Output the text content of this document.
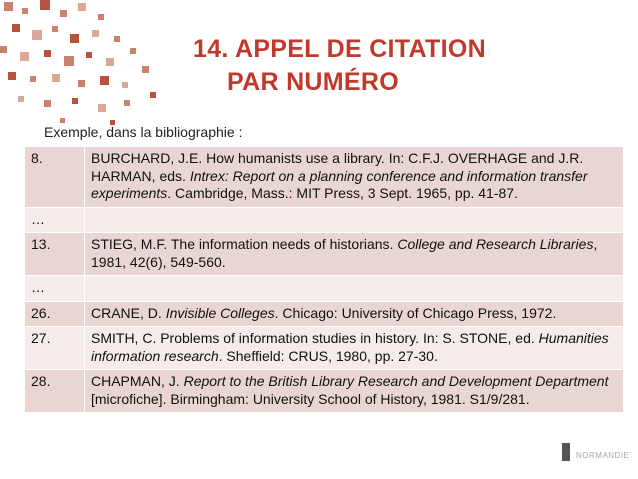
14. APPEL DE CITATION
PAR NUMÉRO
Exemple, dans la bibliographie :
8.	BURCHARD, J.E. How humanists use a library. In: C.F.J. OVERHAGE and J.R. HARMAN, eds. Intrex: Report on a planning conference and information transfer experiments. Cambridge, Mass.: MIT Press, 3 Sept. 1965, pp. 41-87.
…	
13.	STIEG, M.F. The information needs of historians. College and Research Libraries, 1981, 42(6), 549-560.
…	
26.	CRANE, D. Invisible Colleges. Chicago: University of Chicago Press, 1972.
27.	SMITH, C. Problems of information studies in history. In: S. STONE, ed. Humanities information research. Sheffield: CRUS, 1980, pp. 27-30.
28.	CHAPMAN, J. Report to the British Library Research and Development Department [microfiche]. Birmingham: University School of History, 1981. S1/9/281.
NORMANDIE
